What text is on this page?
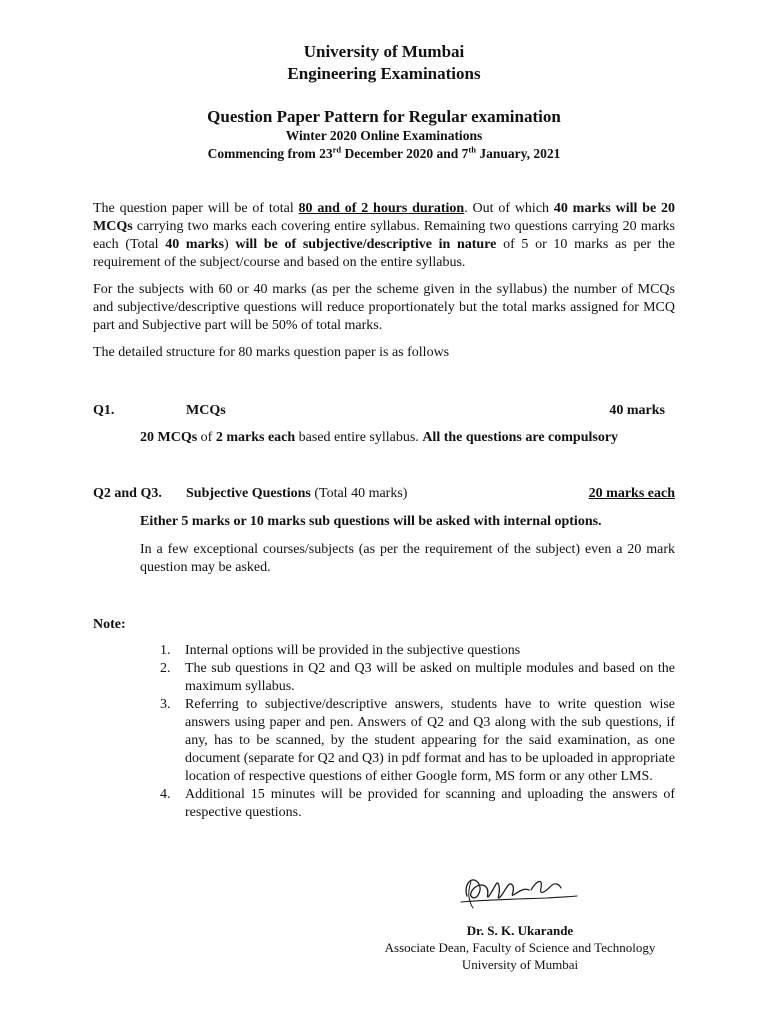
University of Mumbai
Engineering Examinations
Question Paper Pattern for Regular examination
Winter 2020 Online Examinations
Commencing from 23rd December 2020 and 7th January, 2021

The question paper will be of total 80 and of 2 hours duration. Out of which 40 marks will be 20 MCQs carrying two marks each covering entire syllabus. Remaining two questions carrying 20 marks each (Total 40 marks) will be of subjective/descriptive in nature of 5 or 10 marks as per the requirement of the subject/course and based on the entire syllabus.

For the subjects with 60 or 40 marks (as per the scheme given in the syllabus) the number of MCQs and subjective/descriptive questions will reduce proportionately but the total marks assigned for MCQ part and Subjective part will be 50% of total marks.

The detailed structure for 80 marks question paper is as follows

Q1.	MCQs	40 marks
20 MCQs of 2 marks each based entire syllabus. All the questions are compulsory
Q2 and Q3. Subjective Questions (Total 40 marks)	20 marks each
Either 5 marks or 10 marks sub questions will be asked with internal options.

In a few exceptional courses/subjects (as per the requirement of the subject) even a 20 mark question may be asked.

Note:
1.	Internal options will be provided in the subjective questions
2.	The sub questions in Q2 and Q3 will be asked on multiple modules and based on the maximum syllabus.
3.	Referring to subjective/descriptive answers, students have to write question wise answers using paper and pen. Answers of Q2 and Q3 along with the sub questions, if any, has to be scanned, by the student appearing for the said examination, as one document (separate for Q2 and Q3) in pdf format and has to be uploaded in appropriate location of respective questions of either Google form, MS form or any other LMS.
4.	Additional 15 minutes will be provided for scanning and uploading the answers of respective questions.
Dr. S. K. Ukarande
Associate Dean, Faculty of Science and Technology
University of Mumbai
